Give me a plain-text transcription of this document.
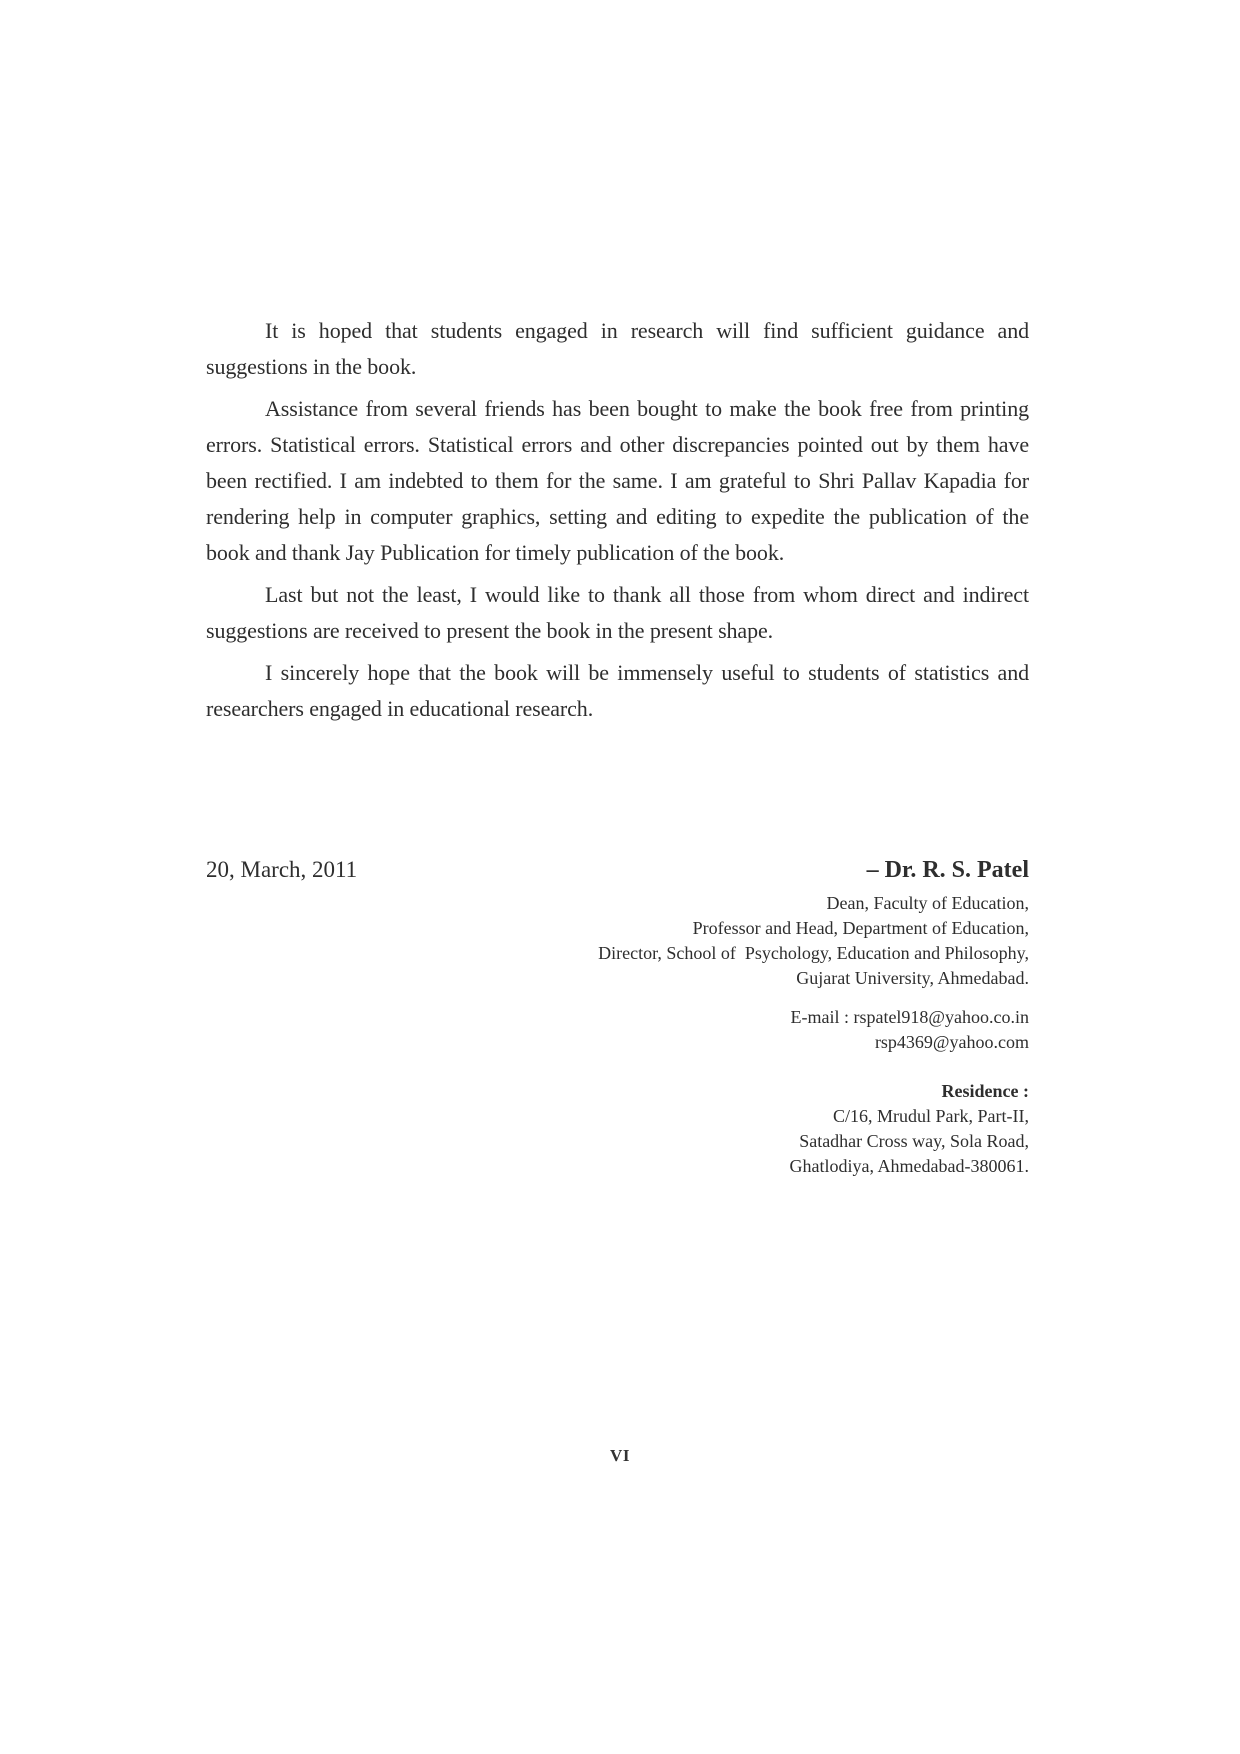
It is hoped that students engaged in research will find sufficient guidance and suggestions in the book.

Assistance from several friends has been bought to make the book free from printing errors. Statistical errors. Statistical errors and other discrepancies pointed out by them have been rectified. I am indebted to them for the same. I am grateful to Shri Pallav Kapadia for rendering help in computer graphics, setting and editing to expedite the publication of the book and thank Jay Publication for timely publication of the book.

Last but not the least, I would like to thank all those from whom direct and indirect suggestions are received to present the book in the present shape.

I sincerely hope that the book will be immensely useful to students of statistics and researchers engaged in educational research.

20, March, 2011	– Dr. R. S. Patel
Dean, Faculty of Education,
Professor and Head, Department of Education,
Director, School of  Psychology, Education and Philosophy,
Gujarat University, Ahmedabad.
E-mail : rspatel918@yahoo.co.in
rsp4369@yahoo.com
Residence :
C/16, Mrudul Park, Part-II,
Satadhar Cross way, Sola Road,
Ghatlodiya, Ahmedabad-380061.
VI
